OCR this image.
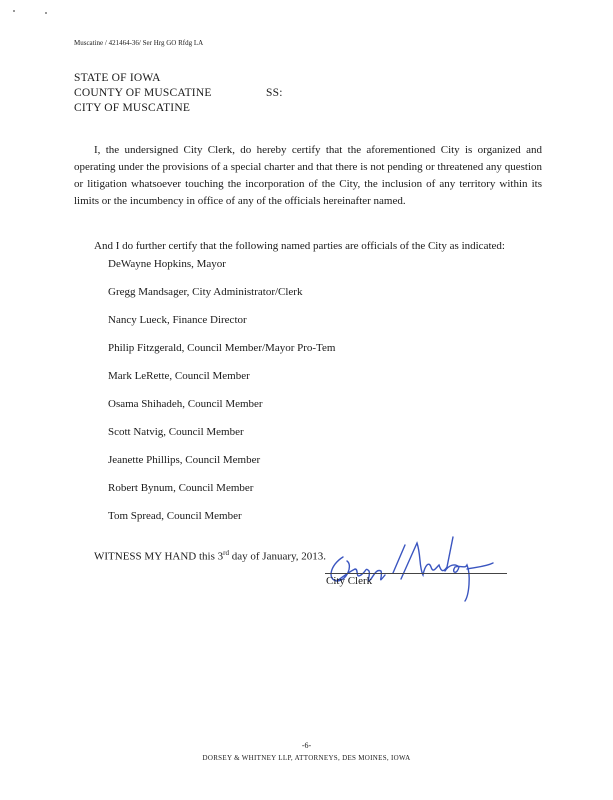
Muscatine / 421464-36/ Ser Hrg GO Rfdg LA
STATE OF IOWA
COUNTY OF MUSCATINE	SS:
CITY OF MUSCATINE
I, the undersigned City Clerk, do hereby certify that the aforementioned City is organized and operating under the provisions of a special charter and that there is not pending or threatened any question or litigation whatsoever touching the incorporation of the City, the inclusion of any territory within its limits or the incumbency in office of any of the officials hereinafter named.
And I do further certify that the following named parties are officials of the City as indicated:
DeWayne Hopkins, Mayor
Gregg Mandsager, City Administrator/Clerk
Nancy Lueck, Finance Director
Philip Fitzgerald, Council Member/Mayor Pro-Tem
Mark LeRette, Council Member
Osama Shihadeh, Council Member
Scott Natvig, Council Member
Jeanette Phillips, Council Member
Robert Bynum, Council Member
WITNESS MY HAND this 3rd day of January, 2013.
City Clerk
-6-
DORSEY & WHITNEY LLP, ATTORNEYS, DES MOINES, IOWA
Tom Spread, Council Member
